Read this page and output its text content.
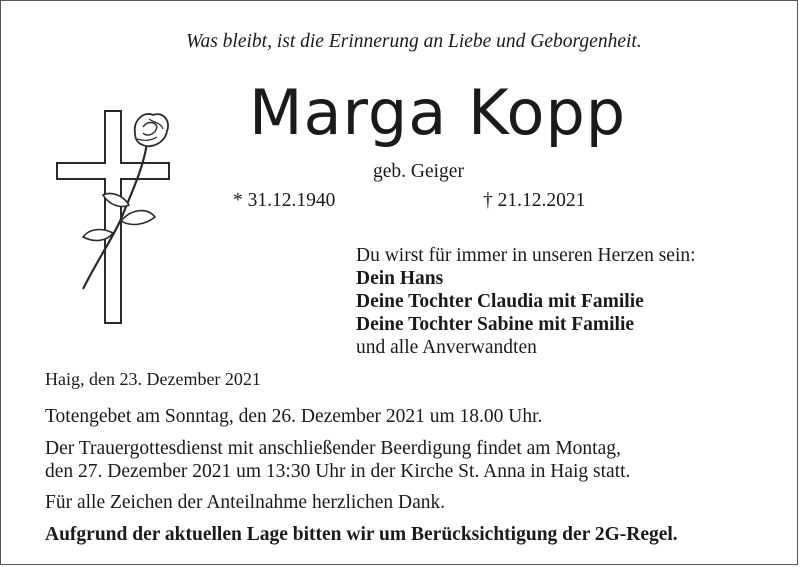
Was bleibt, ist die Erinnerung an Liebe und Geborgenheit.
Marga Kopp
geb. Geiger
* 31.12.1940	† 21.12.2021
Du wirst für immer in unseren Herzen sein:
Dein Hans
Deine Tochter Claudia mit Familie
Deine Tochter Sabine mit Familie
und alle Anverwandten
Haig, den 23. Dezember 2021
Totengebet am Sonntag, den 26. Dezember 2021 um 18.00 Uhr.
Der Trauergottesdienst mit anschließender Beerdigung findet am Montag,
den 27. Dezember 2021 um 13:30 Uhr in der Kirche St. Anna in Haig statt.
Für alle Zeichen der Anteilnahme herzlichen Dank.
Aufgrund der aktuellen Lage bitten wir um Berücksichtigung der 2G-Regel.
